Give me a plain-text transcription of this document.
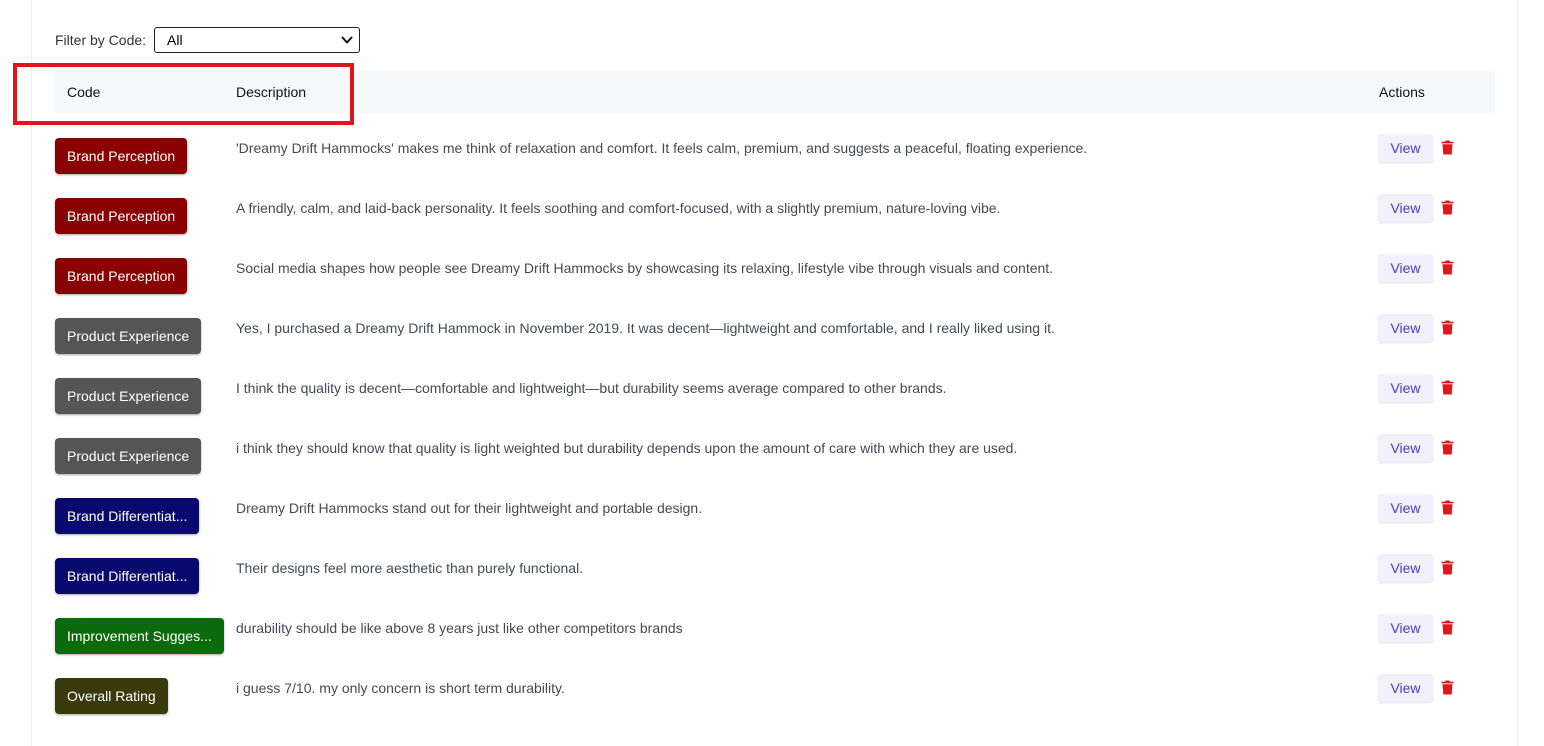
Filter by Code:	All
Code	Description	Actions
Brand Perception	'Dreamy Drift Hammocks' makes me think of relaxation and comfort. It feels calm, premium, and suggests a peaceful, floating experience.	View
Brand Perception	A friendly, calm, and laid-back personality. It feels soothing and comfort-focused, with a slightly premium, nature-loving vibe.	View
Brand Perception	Social media shapes how people see Dreamy Drift Hammocks by showcasing its relaxing, lifestyle vibe through visuals and content.	View
Product Experience	Yes, I purchased a Dreamy Drift Hammock in November 2019. It was decent—lightweight and comfortable, and I really liked using it.	View
Product Experience	I think the quality is decent—comfortable and lightweight—but durability seems average compared to other brands.	View
Product Experience	i think they should know that quality is light weighted but durability depends upon the amount of care with which they are used.	View
Brand Differentiat...	Dreamy Drift Hammocks stand out for their lightweight and portable design.	View
Brand Differentiat...	Their designs feel more aesthetic than purely functional.	View
Improvement Sugges...	durability should be like above 8 years just like other competitors brands	View
Overall Rating	i guess 7/10. my only concern is short term durability.	View
